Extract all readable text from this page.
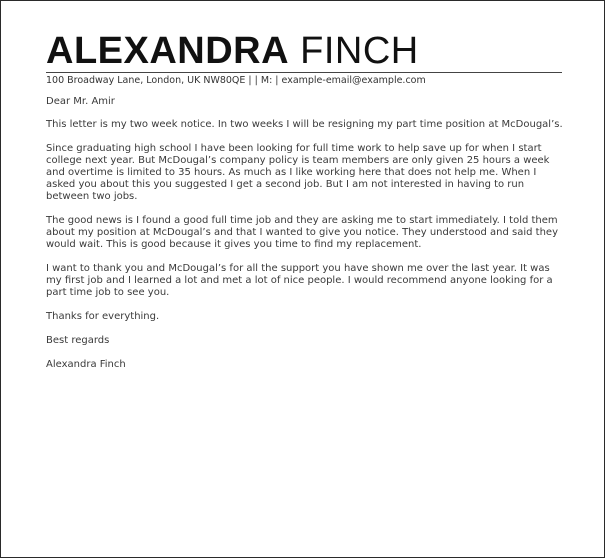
ALEXANDRA FINCH
100 Broadway Lane, London, UK NW80QE | | M: | example-email@example.com

Dear Mr. Amir

This letter is my two week notice. In two weeks I will be resigning my part time position at McDougal’s.

Since graduating high school I have been looking for full time work to help save up for when I start college next year. But McDougal’s company policy is team members are only given 25 hours a week and overtime is limited to 35 hours. As much as I like working here that does not help me. When I asked you about this you suggested I get a second job. But I am not interested in having to run between two jobs.

The good news is I found a good full time job and they are asking me to start immediately. I told them about my position at McDougal’s and that I wanted to give you notice. They understood and said they would wait. This is good because it gives you time to find my replacement.

I want to thank you and McDougal’s for all the support you have shown me over the last year. It was my first job and I learned a lot and met a lot of nice people. I would recommend anyone looking for a part time job to see you.

Thanks for everything.

Best regards

Alexandra Finch
